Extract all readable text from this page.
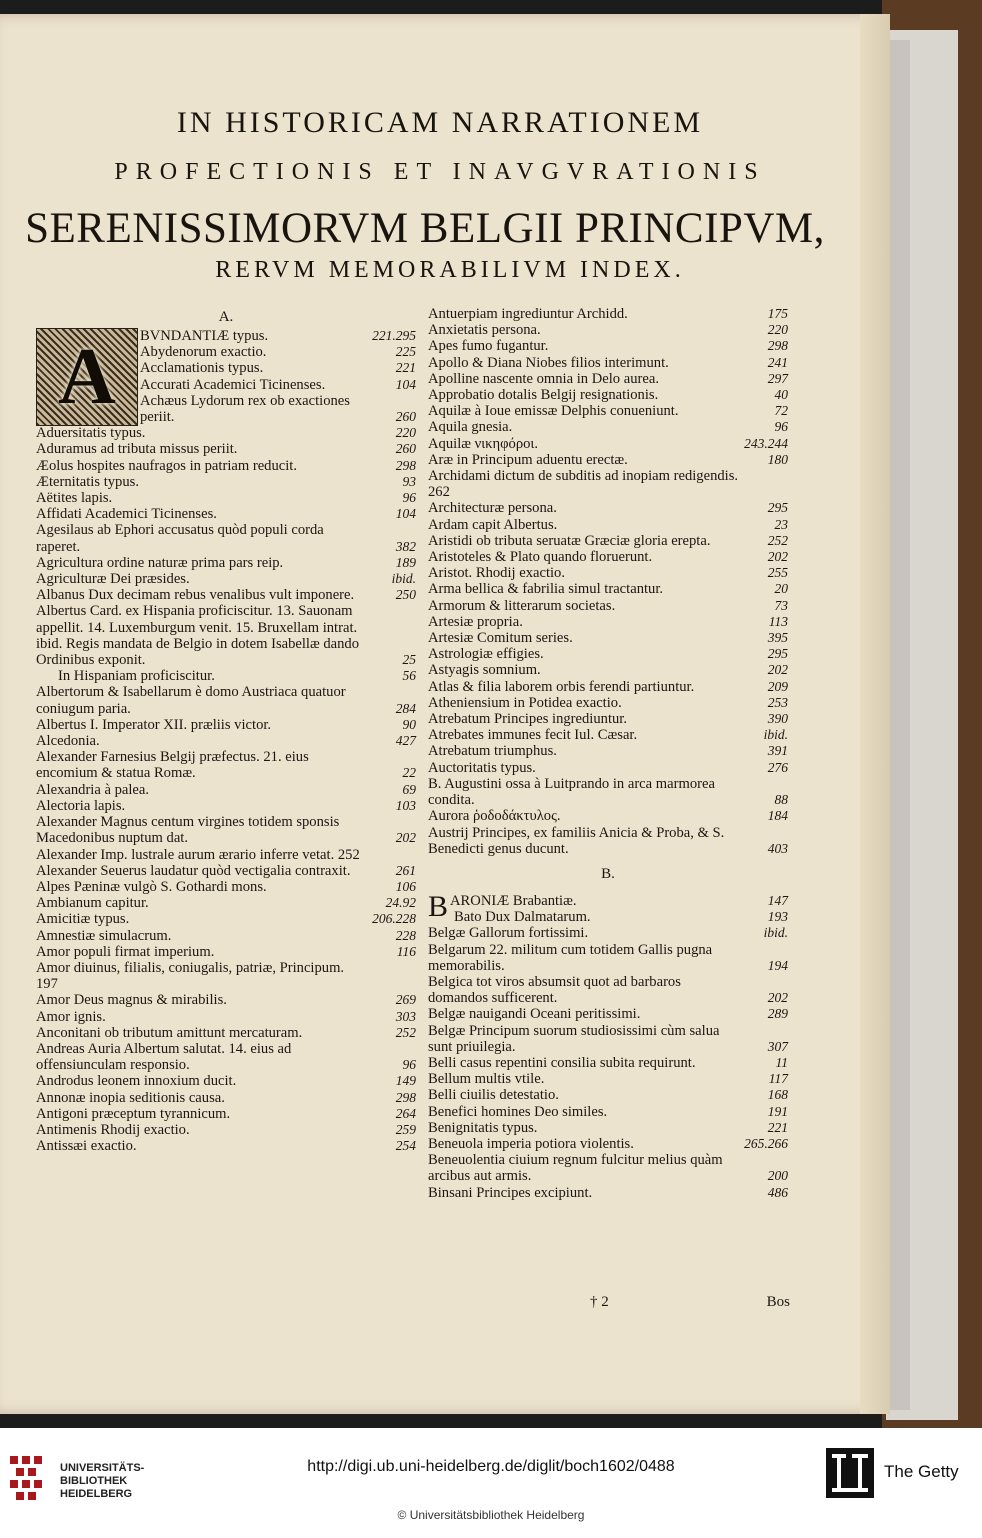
IN HISTORICAM NARRATIONEM
PROFECTIONIS ET INAVGVRATIONIS
SERENISSIMORVM BELGII PRINCIPVM,
RERVM MEMORABILIVM INDEX.
A.
A	BVNDANTIÆ typus.	221.295
Abydenorum exactio.	225
Acclamationis typus.	221
Accurati Academici Ticinenses.	104
Achæus Lydorum rex ob exactiones periit.	260
Aduersitatis typus.	220
Aduramus ad tributa missus periit.	260
Æolus hospites naufragos in patriam reducit.	298
Æternitatis typus.	93
Aëtites lapis.	96
Affidati Academici Ticinenses.	104
Agesilaus ab Ephori accusatus quòd populi corda raperet.	382
Agricultura ordine naturæ prima pars reip.	189
Agriculturæ Dei præsides.	ibid.
Albanus Dux decimam rebus venalibus vult imponere.	250
Albertus Card. ex Hispania proficiscitur. 13. Sauonam appellit. 14. Luxemburgum venit. 15. Bruxellam intrat. ibid. Regis mandata de Belgio in dotem Isabellæ dando Ordinibus exponit.	25
In Hispaniam proficiscitur.	56
Albertorum & Isabellarum è domo Austriaca quatuor coniugum paria.	284
Albertus I. Imperator XII. præliis victor.	90
Alcedonia.	427
Alexander Farnesius Belgij præfectus. 21. eius encomium & statua Romæ.	22
Alexandria à palea.	69
Alectoria lapis.	103
Alexander Magnus centum virgines totidem sponsis Macedonibus nuptum dat.	202
Alexander Imp. lustrale aurum ærario inferre vetat. 252
Alexander Seuerus laudatur quòd vectigalia contraxit.	261
Alpes Pæninæ vulgò S. Gothardi mons.	106
Ambianum capitur.	24.92
Amicitiæ typus.	206.228
Amnestiæ simulacrum.	228
Amor populi firmat imperium.	116
Amor diuinus, filialis, coniugalis, patriæ, Principum. 197
Amor Deus magnus & mirabilis.	269
Amor ignis.	303
Anconitani ob tributum amittunt mercaturam.	252
Andreas Auria Albertum salutat. 14. eius ad offensiunculam responsio.	96
Androdus leonem innoxium ducit.	149
Annonæ inopia seditionis causa.	298
Antigoni præceptum tyrannicum.	264
Antimenis Rhodij exactio.	259
Antissæi exactio.	254
Antuerpiam ingrediuntur Archidd.	175
Anxietatis persona.	220
Apes fumo fugantur.	298
Apollo & Diana Niobes filios interimunt.	241
Apolline nascente omnia in Delo aurea.	297
Approbatio dotalis Belgij resignationis.	40
Aquilæ à Ioue emissæ Delphis conueniunt.	72
Aquila gnesia.	96
Aquilæ νικηφόροι.	243.244
Aræ in Principum aduentu erectæ.	180
Archidami dictum de subditis ad inopiam redigendis. 262
Architecturæ persona.	295
Ardam capit Albertus.	23
Aristidi ob tributa seruatæ Græciæ gloria erepta.	252
Aristoteles & Plato quando floruerunt.	202
Aristot. Rhodij exactio.	255
Arma bellica & fabrilia simul tractantur.	20
Armorum & litterarum societas.	73
Artesiæ propria.	113
Artesiæ Comitum series.	395
Astrologiæ effigies.	295
Astyagis somnium.	202
Atlas & filia laborem orbis ferendi partiuntur.	209
Atheniensium in Potidea exactio.	253
Atrebatum Principes ingrediuntur.	390
Atrebates immunes fecit Iul. Cæsar.	ibid.
Atrebatum triumphus.	391
Auctoritatis typus.	276
B. Augustini ossa à Luitprando in arca marmorea condita.	88
Aurora ῥοδοδάκτυλος.	184
Austrij Principes, ex familiis Anicia & Proba, & S. Benedicti genus ducunt.	403
B.
B ARONIÆ Brabantiæ.	147
Bato Dux Dalmatarum.	193
Belgæ Gallorum fortissimi.	ibid.
Belgarum 22. militum cum totidem Gallis pugna memorabilis.	194
Belgica tot viros absumsit quot ad barbaros domandos sufficerent.	202
Belgæ nauigandi Oceani peritissimi.	289
Belgæ Principum suorum studiosissimi cùm salua sunt priuilegia.	307
Belli casus repentini consilia subita requirunt.	11
Bellum multis vtile.	117
Belli ciuilis detestatio.	168
Benefici homines Deo similes.	191
Benignitatis typus.	221
Beneuola imperia potiora violentis.	265.266
Beneuolentia ciuium regnum fulcitur melius quàm arcibus aut armis.	200
Binsani Principes excipiunt.	486
† 2	Bos
UNIVERSITÄTS-
BIBLIOTHEK
HEIDELBERG
http://digi.ub.uni-heidelberg.de/diglit/boch1602/0488
© Universitätsbibliothek Heidelberg
The Getty
